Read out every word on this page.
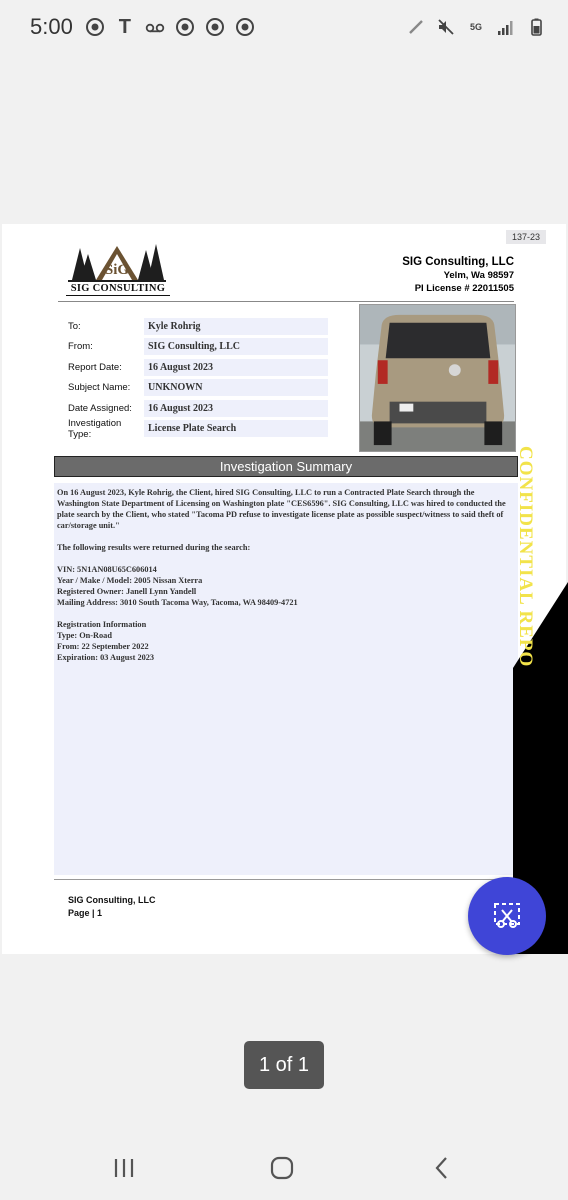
5:00 T	5G
137-23
SiG
SIG CONSULTING
SIG Consulting, LLC
Yelm, Wa 98597
PI License # 22011505
To:	Kyle Rohrig
From:	SIG Consulting, LLC
Report Date:	16 August 2023
Subject Name:	UNKNOWN
Date Assigned:	16 August 2023
Investigation Type:	License Plate Search
Investigation Summary

On 16 August 2023, Kyle Rohrig, the Client, hired SIG Consulting, LLC to run a Contracted Plate Search through the Washington State Department of Licensing on Washington plate "CES6596". SIG Consulting, LLC was hired to conducted the plate search by the Client, who stated "Tacoma PD refuse to investigate license plate as possible suspect/witness to said theft of car/storage unit."

The following results were returned during the search:

VIN: 5N1AN08U65C606014
Year / Make / Model: 2005 Nissan Xterra
Registered Owner: Janell Lynn Yandell
Mailing Address: 3010 South Tacoma Way, Tacoma, WA 98409-4721

Registration Information
Type: On-Road
From: 22 September 2022
Expiration: 03 August 2023

SIG Consulting, LLC
Page | 1
CONFIDENTIAL REPO
1 of 1
